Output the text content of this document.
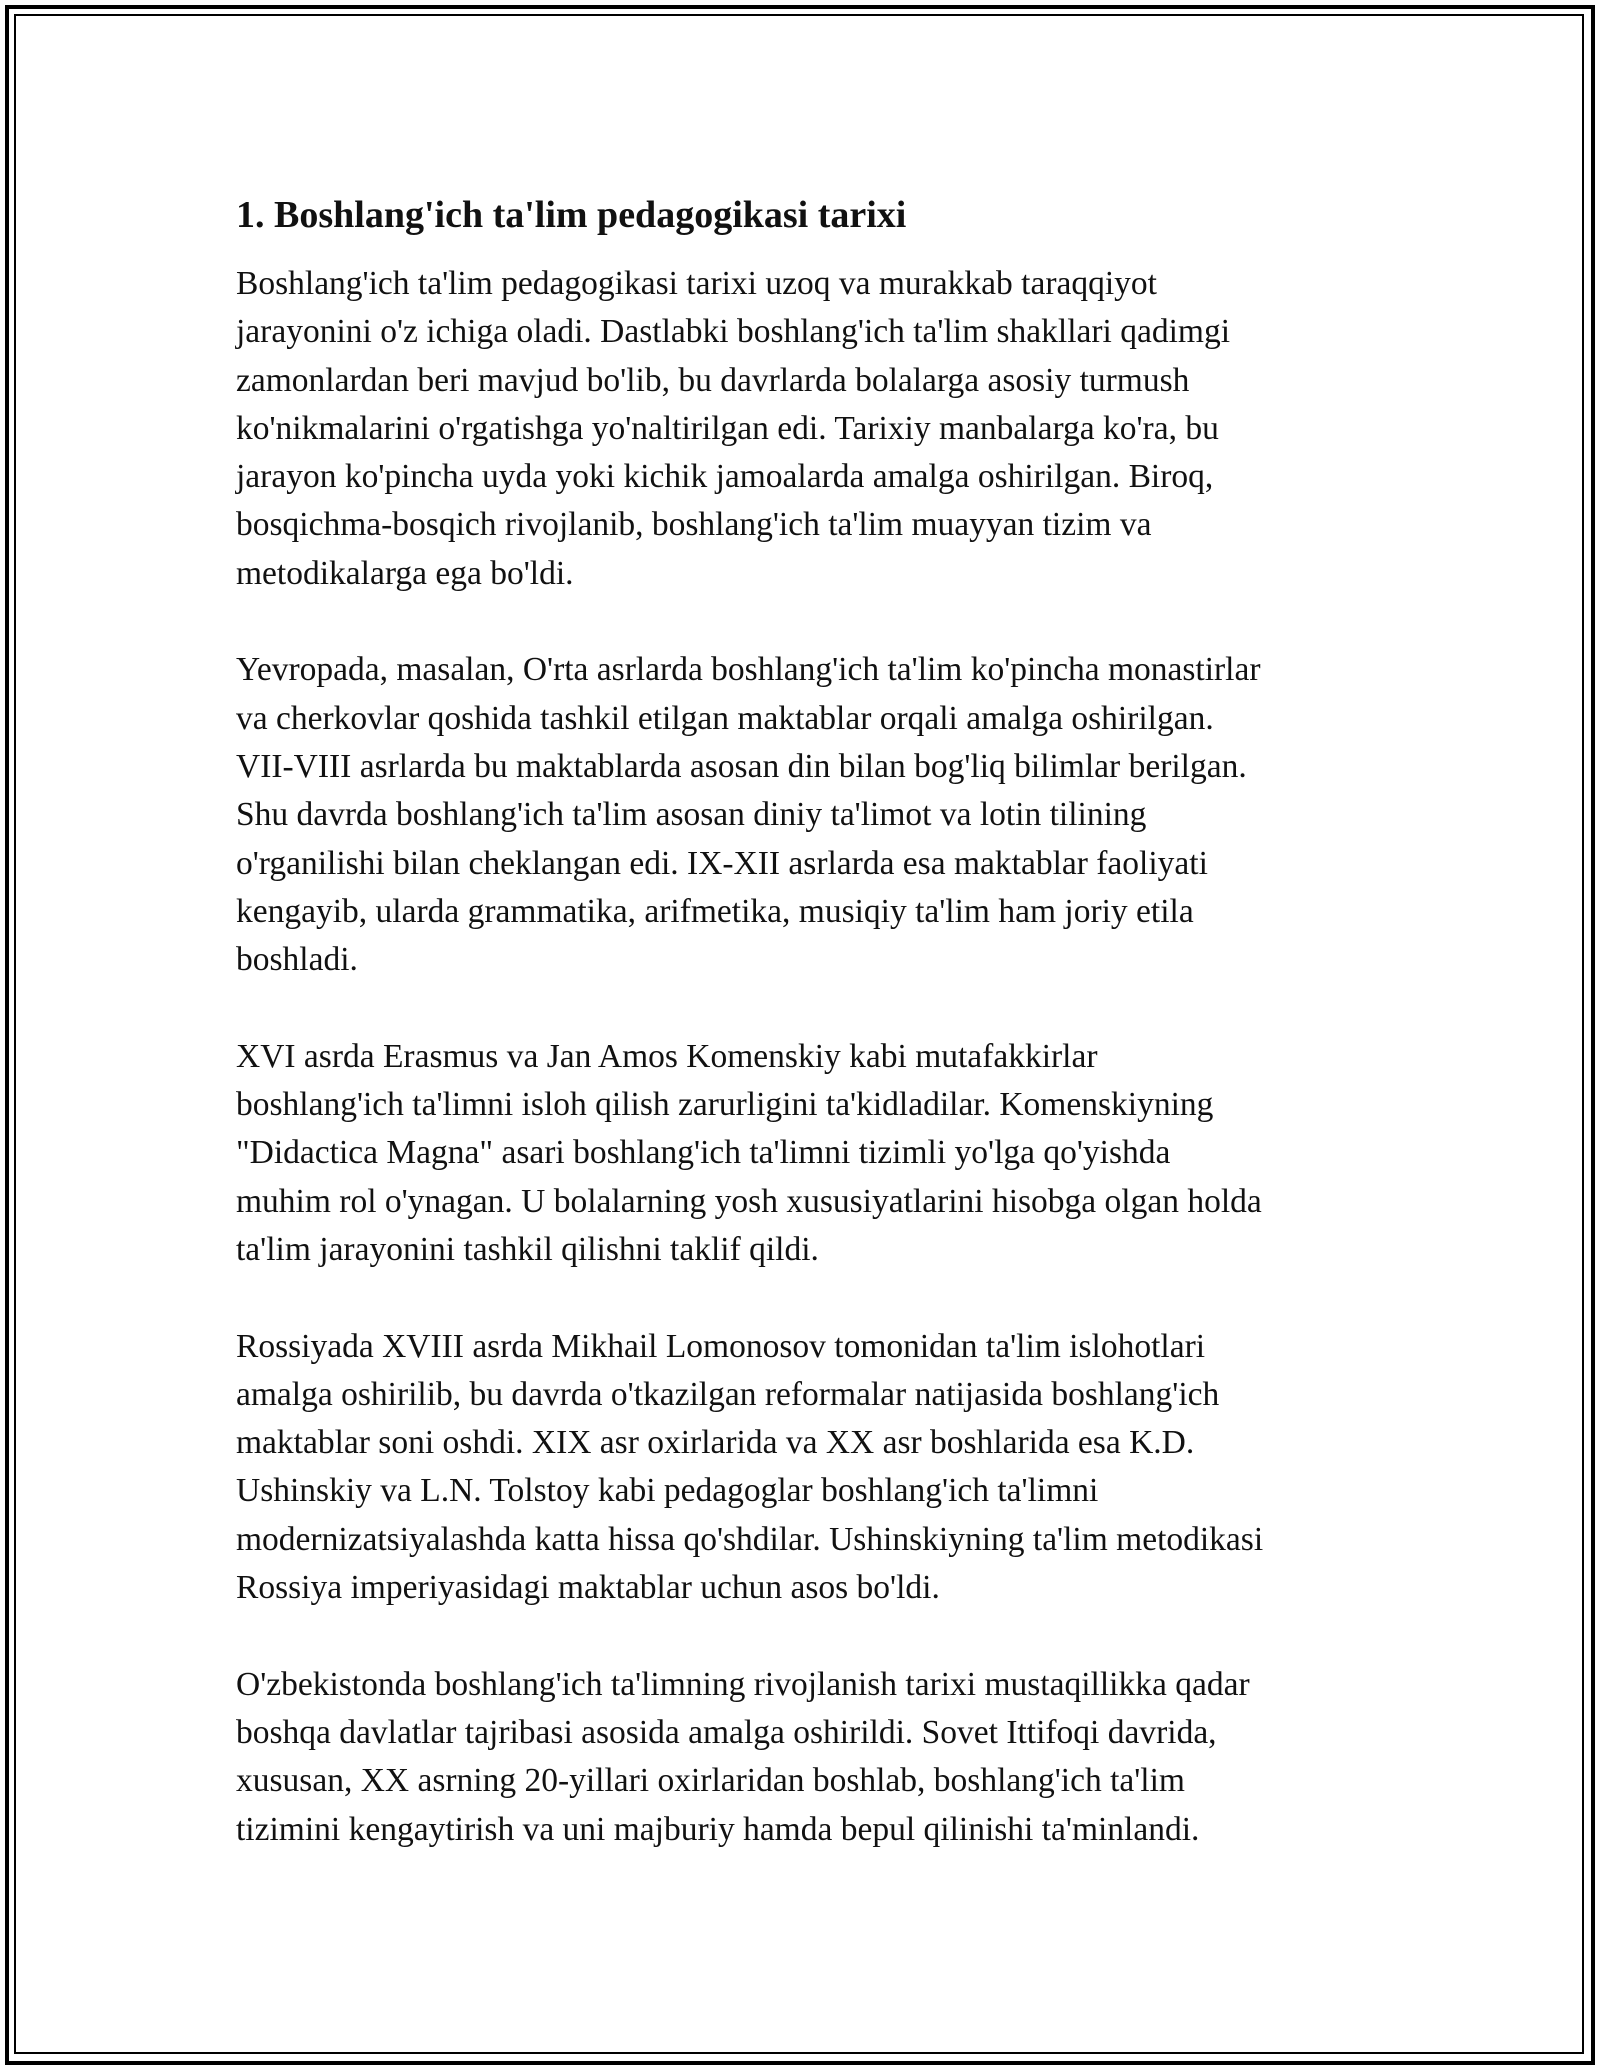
1. Boshlang'ich ta'lim pedagogikasi tarixi

Boshlang'ich ta'lim pedagogikasi tarixi uzoq va murakkab taraqqiyot
jarayonini o'z ichiga oladi. Dastlabki boshlang'ich ta'lim shakllari qadimgi
zamonlardan beri mavjud bo'lib, bu davrlarda bolalarga asosiy turmush
ko'nikmalarini o'rgatishga yo'naltirilgan edi. Tarixiy manbalarga ko'ra, bu
jarayon ko'pincha uyda yoki kichik jamoalarda amalga oshirilgan. Biroq,
bosqichma-bosqich rivojlanib, boshlang'ich ta'lim muayyan tizim va
metodikalarga ega bo'ldi.

Yevropada, masalan, O'rta asrlarda boshlang'ich ta'lim ko'pincha monastirlar
va cherkovlar qoshida tashkil etilgan maktablar orqali amalga oshirilgan.
VII-VIII asrlarda bu maktablarda asosan din bilan bog'liq bilimlar berilgan.
Shu davrda boshlang'ich ta'lim asosan diniy ta'limot va lotin tilining
o'rganilishi bilan cheklangan edi. IX-XII asrlarda esa maktablar faoliyati
kengayib, ularda grammatika, arifmetika, musiqiy ta'lim ham joriy etila
boshladi.

XVI asrda Erasmus va Jan Amos Komenskiy kabi mutafakkirlar
boshlang'ich ta'limni isloh qilish zarurligini ta'kidladilar. Komenskiyning
"Didactica Magna" asari boshlang'ich ta'limni tizimli yo'lga qo'yishda
muhim rol o'ynagan. U bolalarning yosh xususiyatlarini hisobga olgan holda
ta'lim jarayonini tashkil qilishni taklif qildi.

Rossiyada XVIII asrda Mikhail Lomonosov tomonidan ta'lim islohotlari
amalga oshirilib, bu davrda o'tkazilgan reformalar natijasida boshlang'ich
maktablar soni oshdi. XIX asr oxirlarida va XX asr boshlarida esa K.D.
Ushinskiy va L.N. Tolstoy kabi pedagoglar boshlang'ich ta'limni
modernizatsiyalashda katta hissa qo'shdilar. Ushinskiyning ta'lim metodikasi
Rossiya imperiyasidagi maktablar uchun asos bo'ldi.

O'zbekistonda boshlang'ich ta'limning rivojlanish tarixi mustaqillikka qadar
boshqa davlatlar tajribasi asosida amalga oshirildi. Sovet Ittifoqi davrida,
xususan, XX asrning 20-yillari oxirlaridan boshlab, boshlang'ich ta'lim
tizimini kengaytirish va uni majburiy hamda bepul qilinishi ta'minlandi.
